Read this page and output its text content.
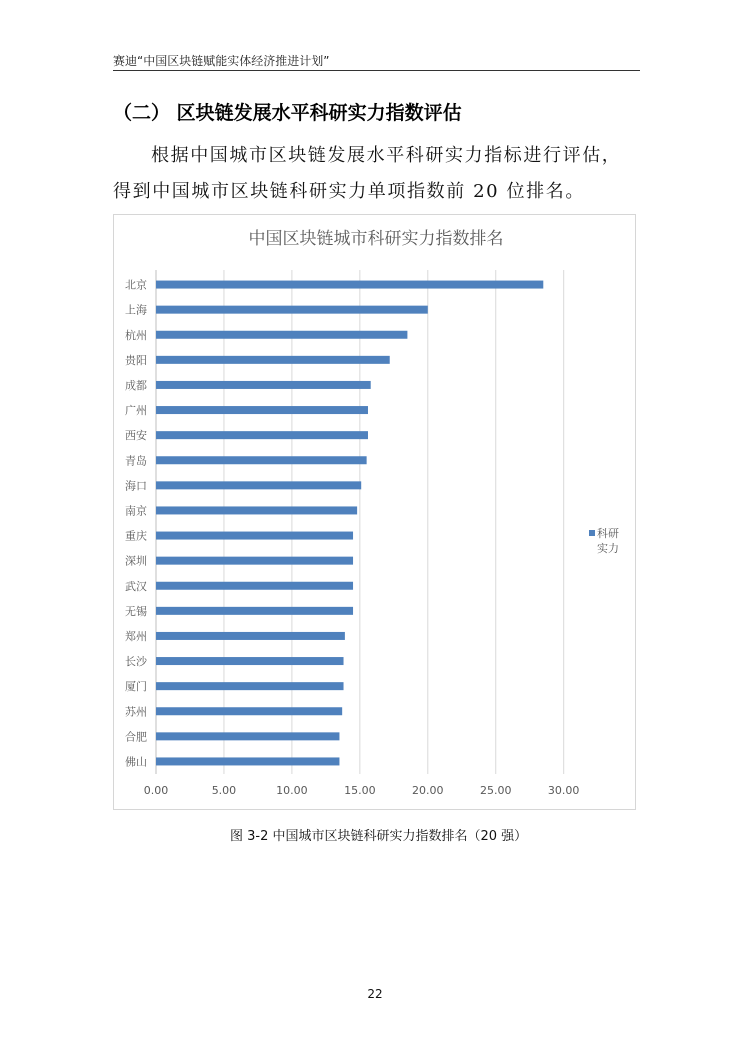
赛迪“中国区块链赋能实体经济推进计划”
（二） 区块链发展水平科研实力指数评估
根据中国城市区块链发展水平科研实力指标进行评估，
得到中国城市区块链科研实力单项指数前 20 位排名。
中国区块链城市科研实力指数排名
北京
上海
杭州
贵阳
成都
广州
西安
青岛
海口
南京
重庆
深圳
武汉
无锡
郑州
长沙
厦门
苏州
合肥
佛山
0.00	5.00	10.00	15.00	20.00	25.00	30.00
科研
实力
图 3-2 中国城市区块链科研实力指数排名（20 强）
22
